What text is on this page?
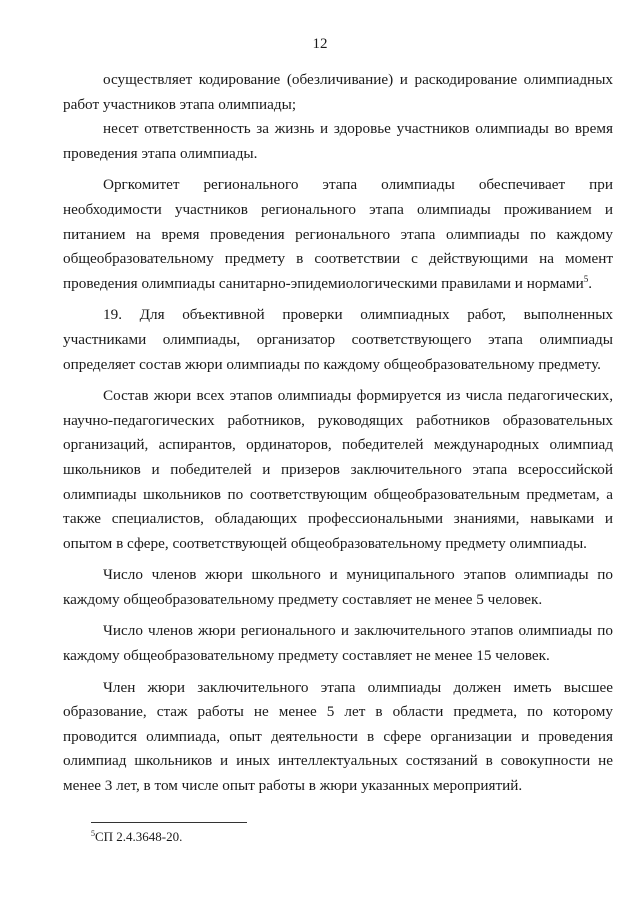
12

осуществляет кодирование (обезличивание) и раскодирование олимпиадных работ участников этапа олимпиады;

несет ответственность за жизнь и здоровье участников олимпиады во время проведения этапа олимпиады.

Оргкомитет регионального этапа олимпиады обеспечивает при необходимости участников регионального этапа олимпиады проживанием и питанием на время проведения регионального этапа олимпиады по каждому общеобразовательному предмету в соответствии с действующими на момент проведения олимпиады санитарно-эпидемиологическими правилами и нормами$^5$.

19. Для объективной проверки олимпиадных работ, выполненных участниками олимпиады, организатор соответствующего этапа олимпиады определяет состав жюри олимпиады по каждому общеобразовательному предмету.

Состав жюри всех этапов олимпиады формируется из числа педагогических, научно-педагогических работников, руководящих работников образовательных организаций, аспирантов, ординаторов, победителей международных олимпиад школьников и победителей и призеров заключительного этапа всероссийской олимпиады школьников по соответствующим общеобразовательным предметам, а также специалистов, обладающих профессиональными знаниями, навыками и опытом в сфере, соответствующей общеобразовательному предмету олимпиады.

Число членов жюри школьного и муниципального этапов олимпиады по каждому общеобразовательному предмету составляет не менее 5 человек.

Число членов жюри регионального и заключительного этапов олимпиады по каждому общеобразовательному предмету составляет не менее 15 человек.

Член жюри заключительного этапа олимпиады должен иметь высшее образование, стаж работы не менее 5 лет в области предмета, по которому проводится олимпиада, опыт деятельности в сфере организации и проведения олимпиад школьников и иных интеллектуальных состязаний в совокупности не менее 3 лет, в том числе опыт работы в жюри указанных мероприятий.

$^5$СП 2.4.3648-20.
